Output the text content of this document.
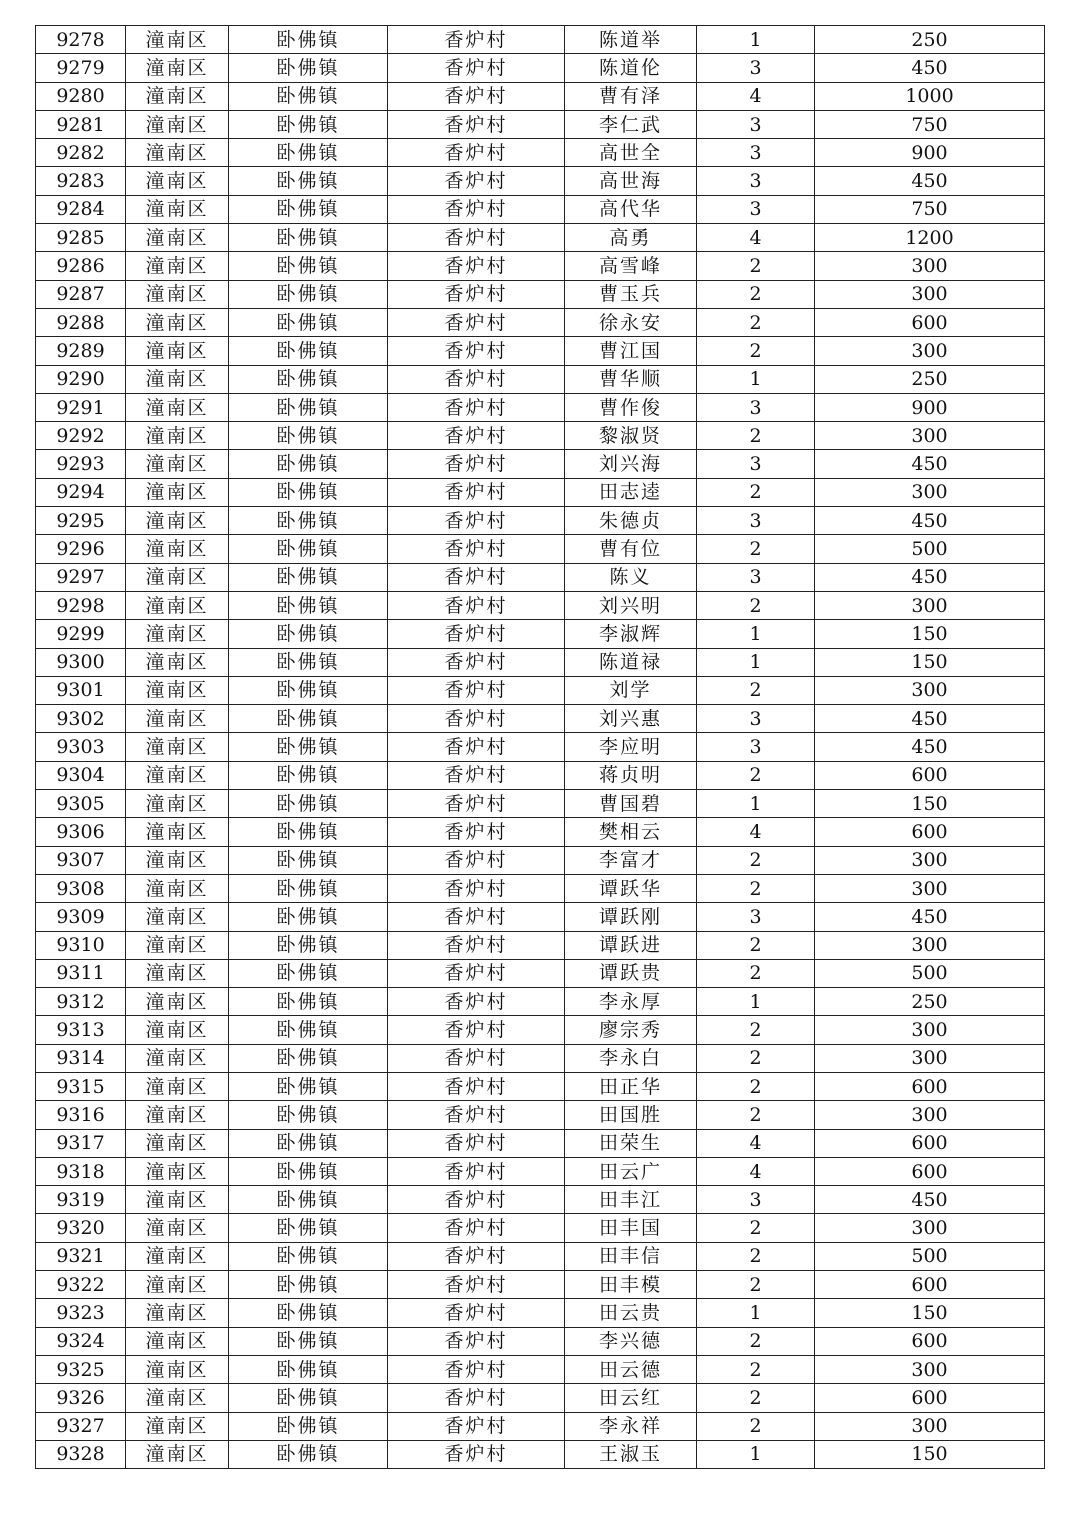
9278	潼南区	卧佛镇	香炉村	陈道举	1	250
9279	潼南区	卧佛镇	香炉村	陈道伦	3	450
9280	潼南区	卧佛镇	香炉村	曹有泽	4	1000
9281	潼南区	卧佛镇	香炉村	李仁武	3	750
9282	潼南区	卧佛镇	香炉村	高世全	3	900
9283	潼南区	卧佛镇	香炉村	高世海	3	450
9284	潼南区	卧佛镇	香炉村	高代华	3	750
9285	潼南区	卧佛镇	香炉村	高勇	4	1200
9286	潼南区	卧佛镇	香炉村	高雪峰	2	300
9287	潼南区	卧佛镇	香炉村	曹玉兵	2	300
9288	潼南区	卧佛镇	香炉村	徐永安	2	600
9289	潼南区	卧佛镇	香炉村	曹江国	2	300
9290	潼南区	卧佛镇	香炉村	曹华顺	1	250
9291	潼南区	卧佛镇	香炉村	曹作俊	3	900
9292	潼南区	卧佛镇	香炉村	黎淑贤	2	300
9293	潼南区	卧佛镇	香炉村	刘兴海	3	450
9294	潼南区	卧佛镇	香炉村	田志逵	2	300
9295	潼南区	卧佛镇	香炉村	朱德贞	3	450
9296	潼南区	卧佛镇	香炉村	曹有位	2	500
9297	潼南区	卧佛镇	香炉村	陈义	3	450
9298	潼南区	卧佛镇	香炉村	刘兴明	2	300
9299	潼南区	卧佛镇	香炉村	李淑辉	1	150
9300	潼南区	卧佛镇	香炉村	陈道禄	1	150
9301	潼南区	卧佛镇	香炉村	刘学	2	300
9302	潼南区	卧佛镇	香炉村	刘兴惠	3	450
9303	潼南区	卧佛镇	香炉村	李应明	3	450
9304	潼南区	卧佛镇	香炉村	蒋贞明	2	600
9305	潼南区	卧佛镇	香炉村	曹国碧	1	150
9306	潼南区	卧佛镇	香炉村	樊相云	4	600
9307	潼南区	卧佛镇	香炉村	李富才	2	300
9308	潼南区	卧佛镇	香炉村	谭跃华	2	300
9309	潼南区	卧佛镇	香炉村	谭跃刚	3	450
9310	潼南区	卧佛镇	香炉村	谭跃进	2	300
9311	潼南区	卧佛镇	香炉村	谭跃贵	2	500
9312	潼南区	卧佛镇	香炉村	李永厚	1	250
9313	潼南区	卧佛镇	香炉村	廖宗秀	2	300
9314	潼南区	卧佛镇	香炉村	李永白	2	300
9315	潼南区	卧佛镇	香炉村	田正华	2	600
9316	潼南区	卧佛镇	香炉村	田国胜	2	300
9317	潼南区	卧佛镇	香炉村	田荣生	4	600
9318	潼南区	卧佛镇	香炉村	田云广	4	600
9319	潼南区	卧佛镇	香炉村	田丰江	3	450
9320	潼南区	卧佛镇	香炉村	田丰国	2	300
9321	潼南区	卧佛镇	香炉村	田丰信	2	500
9322	潼南区	卧佛镇	香炉村	田丰模	2	600
9323	潼南区	卧佛镇	香炉村	田云贵	1	150
9324	潼南区	卧佛镇	香炉村	李兴德	2	600
9325	潼南区	卧佛镇	香炉村	田云德	2	300
9326	潼南区	卧佛镇	香炉村	田云红	2	600
9327	潼南区	卧佛镇	香炉村	李永祥	2	300
9328	潼南区	卧佛镇	香炉村	王淑玉	1	150
